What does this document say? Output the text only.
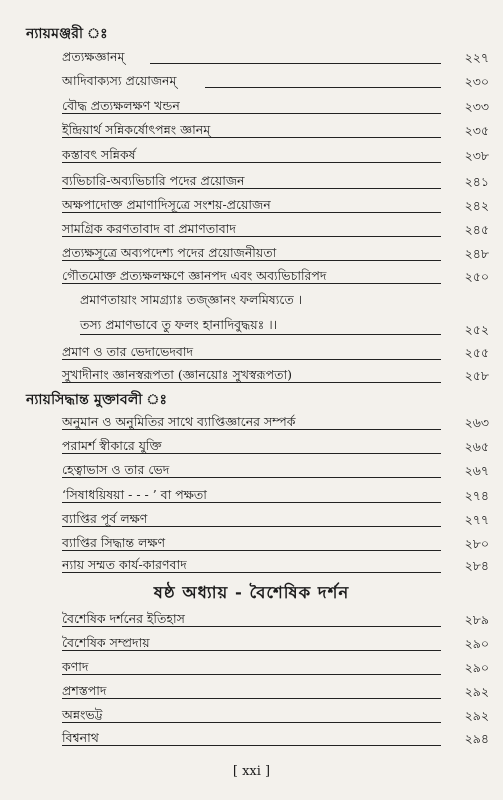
ন্যায়মঞ্জরী ঃ
প্রত্যক্ষজ্ঞানম্	২২৭
আদিবাক্যস্য প্রয়োজনম্	২৩০
বৌদ্ধ প্রত্যক্ষলক্ষণ খন্ডন	২৩৩
ইন্দ্রিয়ার্থ সন্নিকর্ষোৎপন্নং জ্ঞানম্	২৩৫
কস্তাবৎ সন্নিকর্ষ	২৩৮
ব্যভিচারি-অব্যভিচারি পদের প্রয়োজন	২৪১
অক্ষপাদোক্ত প্রমাণাদিসূত্রে সংশয়-প্রয়োজন	২৪২
সামগ্রিক করণতাবাদ বা প্রমাণতাবাদ	২৪৫
প্রত্যক্ষসূত্রে অব্যপদেশ্য পদের প্রয়োজনীয়তা	২৪৮
গৌতমোক্ত প্রত্যক্ষলক্ষণে জ্ঞানপদ এবং অব্যভিচারিপদ	২৫০
প্রমাণতায়াং সামগ্র্যাঃ তজ্জ্ঞানং ফলমিষ্যতে ।
তস্য প্রমাণভাবে তু ফলং হানাদিবুদ্ধয়ঃ ।।	২৫২
প্রমাণ ও তার ভেদাভেদবাদ	২৫৫
সুখাদীনাং জ্ঞানস্বরূপতা (জ্ঞানয়োঃ সুখস্বরূপতা)	২৫৮
ন্যায়সিদ্ধান্ত মুক্তাবলী ঃ
অনুমান ও অনুমিতির সাথে ব্যাপ্তিজ্ঞানের সম্পর্ক	২৬৩
পরামর্শ স্বীকারে যুক্তি	২৬৫
হেত্বাভাস ও তার ভেদ	২৬৭
‘সিষাধয়িষয়া - - - ’ বা পক্ষতা	২৭৪
ব্যাপ্তির পূর্ব লক্ষণ	২৭৭
ব্যাপ্তির সিদ্ধান্ত লক্ষণ	২৮০
ন্যায় সম্মত কার্য-কারণবাদ	২৮৪
ষষ্ঠ অধ্যায় - বৈশেষিক দর্শন
বৈশেষিক দর্শনের ইতিহাস	২৮৯
বৈশেষিক সম্প্রদায়	২৯০
কণাদ	২৯০
প্রশস্তপাদ	২৯২
অন্নংভট্ট	২৯২
বিশ্বনাথ	২৯৪
[ xxi ]
